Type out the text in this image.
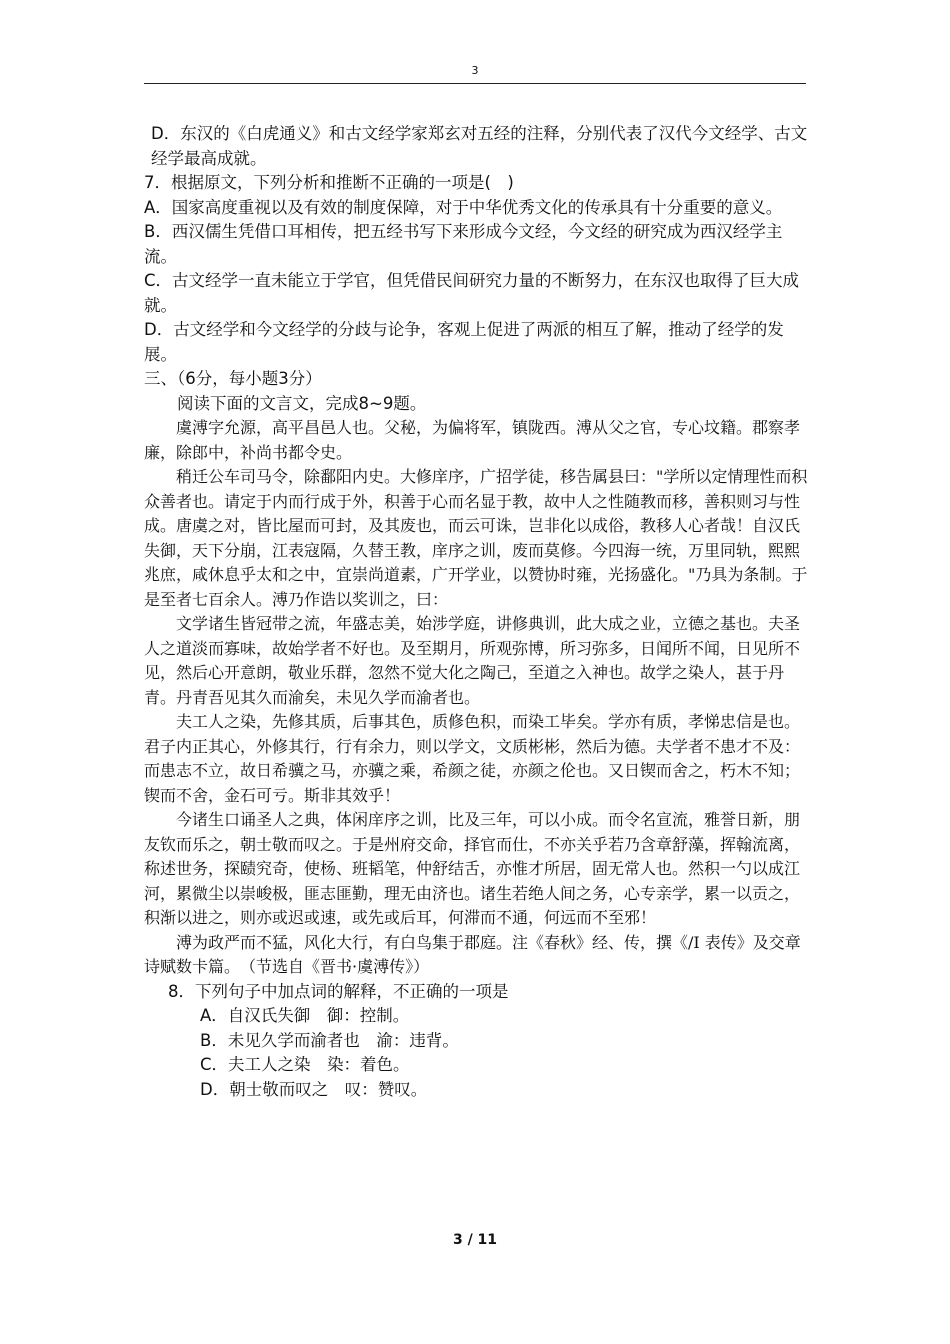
3

D．东汉的《白虎通义》和古文经学家郑玄对五经的注释，分别代表了汉代今文经学、古文经学最高成就。

7．根据原文，下列分析和推断不正确的一项是(　)

A．国家高度重视以及有效的制度保障，对于中华优秀文化的传承具有十分重要的意义。

B．西汉儒生凭借口耳相传，把五经书写下来形成今文经，今文经的研究成为西汉经学主流。

C．古文经学一直未能立于学官，但凭借民间研究力量的不断努力，在东汉也取得了巨大成就。

D．古文经学和今文经学的分歧与论争，客观上促进了两派的相互了解，推动了经学的发展。

三、（6分，每小题3分）

阅读下面的文言文，完成8~9题。

虞溥字允源，高平昌邑人也。父秘，为偏将军，镇陇西。溥从父之官，专心坟籍。郡察孝廉，除郎中，补尚书都令史。

稍迁公车司马令，除鄱阳内史。大修庠序，广招学徒，移告属县曰："学所以定情理性而积众善者也。请定于内而行成于外，积善于心而名显于教，故中人之性随教而移，善积则习与性成。唐虞之对，皆比屋而可封，及其废也，而云可诛，岂非化以成俗，教移人心者哉！自汉氏失御，天下分崩，江表寇隔，久替王教，庠序之训，废而莫修。今四海一统，万里同轨，熙熙兆庶，咸休息乎太和之中，宜崇尚道素，广开学业，以赞协时雍，光扬盛化。"乃具为条制。于是至者七百余人。溥乃作诰以奖训之，曰：

文学诸生皆冠带之流，年盛志美，始涉学庭，讲修典训，此大成之业，立德之基也。夫圣人之道淡而寡味，故始学者不好也。及至期月，所观弥博，所习弥多，日闻所不闻，日见所不见，然后心开意朗，敬业乐群，忽然不觉大化之陶己，至道之入神也。故学之染人，甚于丹青。丹青吾见其久而渝矣，未见久学而渝者也。

夫工人之染，先修其质，后事其色，质修色积，而染工毕矣。学亦有质，孝悌忠信是也。君子内正其心，外修其行，行有余力，则以学文，文质彬彬，然后为德。夫学者不患才不及：而患志不立，故日希骥之马，亦骥之乘，希颜之徒，亦颜之伦也。又日锲而舍之，朽木不知；锲而不舍，金石可亏。斯非其效乎！

今诸生口诵圣人之典，体闲庠序之训，比及三年，可以小成。而令名宣流，雅誉日新，朋友钦而乐之，朝士敬而叹之。于是州府交命，择官而仕，不亦关乎若乃含章舒藻，挥翰流离，称述世务，探赜究奇，使杨、班韬笔，仲舒结舌，亦惟才所居，固无常人也。然积一勺以成江河，累微尘以崇峻极，匪志匪勤，理无由济也。诸生若绝人间之务，心专亲学，累一以贡之，积渐以进之，则亦或迟或速，或先或后耳，何滞而不通，何远而不至邪！

溥为政严而不猛，风化大行，有白鸟集于郡庭。注《春秋》经、传，撰《/I 表传》及交章诗赋数卡篇。　（节选自《晋书·虞溥传》）

8．下列句子中加点词的解释，不正确的一项是

A．自汉氏失御　御：控制。

B．未见久学而渝者也　渝：违背。

C．夫工人之染　染：着色。

D．朝士敬而叹之　叹：赞叹。

3 / 11
